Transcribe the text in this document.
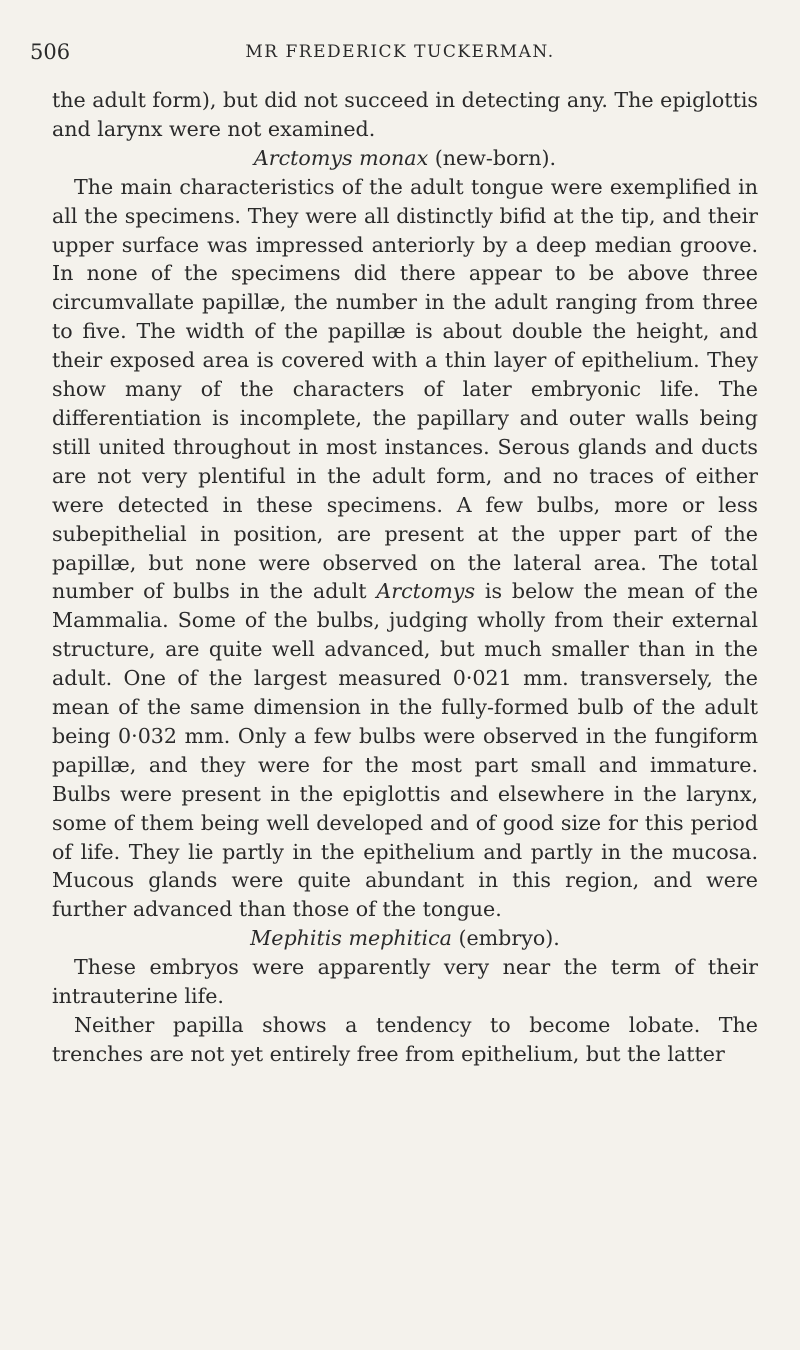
506	MR FREDERICK TUCKERMAN.

the adult form), but did not succeed in detecting any. The epiglottis and larynx were not examined.

Arctomys monax (new-born).

The main characteristics of the adult tongue were exemplified in all the specimens. They were all distinctly bifid at the tip, and their upper surface was impressed anteriorly by a deep median groove. In none of the specimens did there appear to be above three circumvallate papillæ, the number in the adult ranging from three to five. The width of the papillæ is about double the height, and their exposed area is covered with a thin layer of epithelium. They show many of the characters of later embryonic life. The differentiation is incomplete, the papillary and outer walls being still united throughout in most instances. Serous glands and ducts are not very plentiful in the adult form, and no traces of either were detected in these specimens. A few bulbs, more or less subepithelial in position, are present at the upper part of the papillæ, but none were observed on the lateral area. The total number of bulbs in the adult Arctomys is below the mean of the Mammalia. Some of the bulbs, judging wholly from their external structure, are quite well advanced, but much smaller than in the adult. One of the largest measured 0·021 mm. transversely, the mean of the same dimension in the fully-formed bulb of the adult being 0·032 mm. Only a few bulbs were observed in the fungiform papillæ, and they were for the most part small and immature. Bulbs were present in the epiglottis and elsewhere in the larynx, some of them being well developed and of good size for this period of life. They lie partly in the epithelium and partly in the mucosa. Mucous glands were quite abundant in this region, and were further advanced than those of the tongue.

Mephitis mephitica (embryo).

These embryos were apparently very near the term of their intrauterine life.

Neither papilla shows a tendency to become lobate. The trenches are not yet entirely free from epithelium, but the latter
